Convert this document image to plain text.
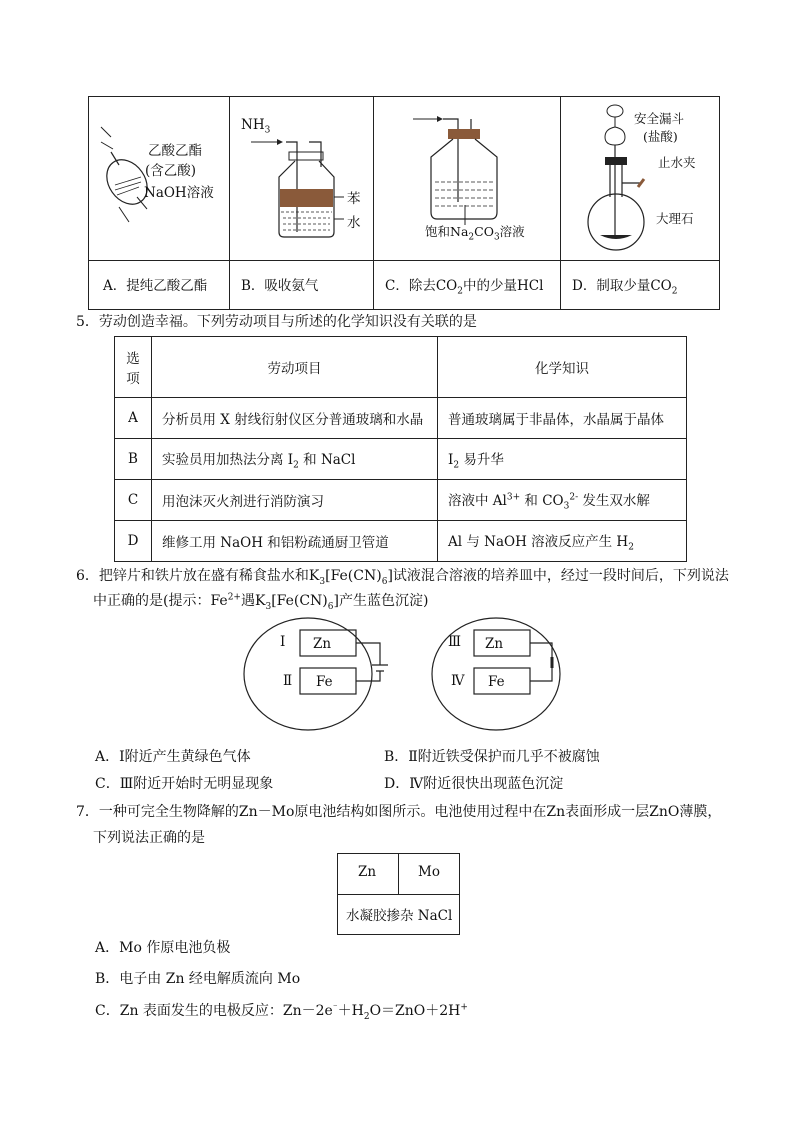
乙酸乙酯
(含乙酸)
NaOH溶液
$NH_3$
苯
水
饱和$Na_2CO_3$溶液
安全漏斗
(盐酸)
止水夹
大理石
A．提纯乙酸乙酯	B．吸收氨气	C．除去$CO_2$中的少量HCl D．制取少量$CO_2$
5．劳动创造幸福。下列劳动项目与所述的化学知识没有关联的是
选
项	劳动项目	化学知识
A	分析员用 X 射线衍射仪区分普通玻璃和水晶	普通玻璃属于非晶体，水晶属于晶体
B	实验员用加热法分离 $I_2$ 和 NaCl	$I_2$ 易升华
C	用泡沫灭火剂进行消防演习	溶液中 $Al^{3+}$ 和 $CO_3^{2-}$ 发生双水解
D	维修工用 NaOH 和铝粉疏通厨卫管道	Al 与 NaOH 溶液反应产生 $H_2$
6．把锌片和铁片放在盛有稀食盐水和$K_3[Fe(CN)_6]$试液混合溶液的培养皿中，经过一段时间后，下列说法
中正确的是(提示：$Fe^{2+}$遇$K_3[Fe(CN)_6]$产生蓝色沉淀)
Ⅰ
Ⅱ
Zn
Fe
Ⅲ
Ⅳ
Zn
Fe
A．Ⅰ附近产生黄绿色气体	B．Ⅱ附近铁受保护而几乎不被腐蚀
C．Ⅲ附近开始时无明显现象	D．Ⅳ附近很快出现蓝色沉淀
7．一种可完全生物降解的Zn－Mo原电池结构如图所示。电池使用过程中在Zn表面形成一层ZnO薄膜，
下列说法正确的是
Zn	Mo
水凝胶掺杂 NaCl
A．Mo 作原电池负极
B．电子由 Zn 经电解质流向 Mo
C．Zn 表面发生的电极反应：$Zn-2e^{^-}+H_2O=ZnO+2H^+$
